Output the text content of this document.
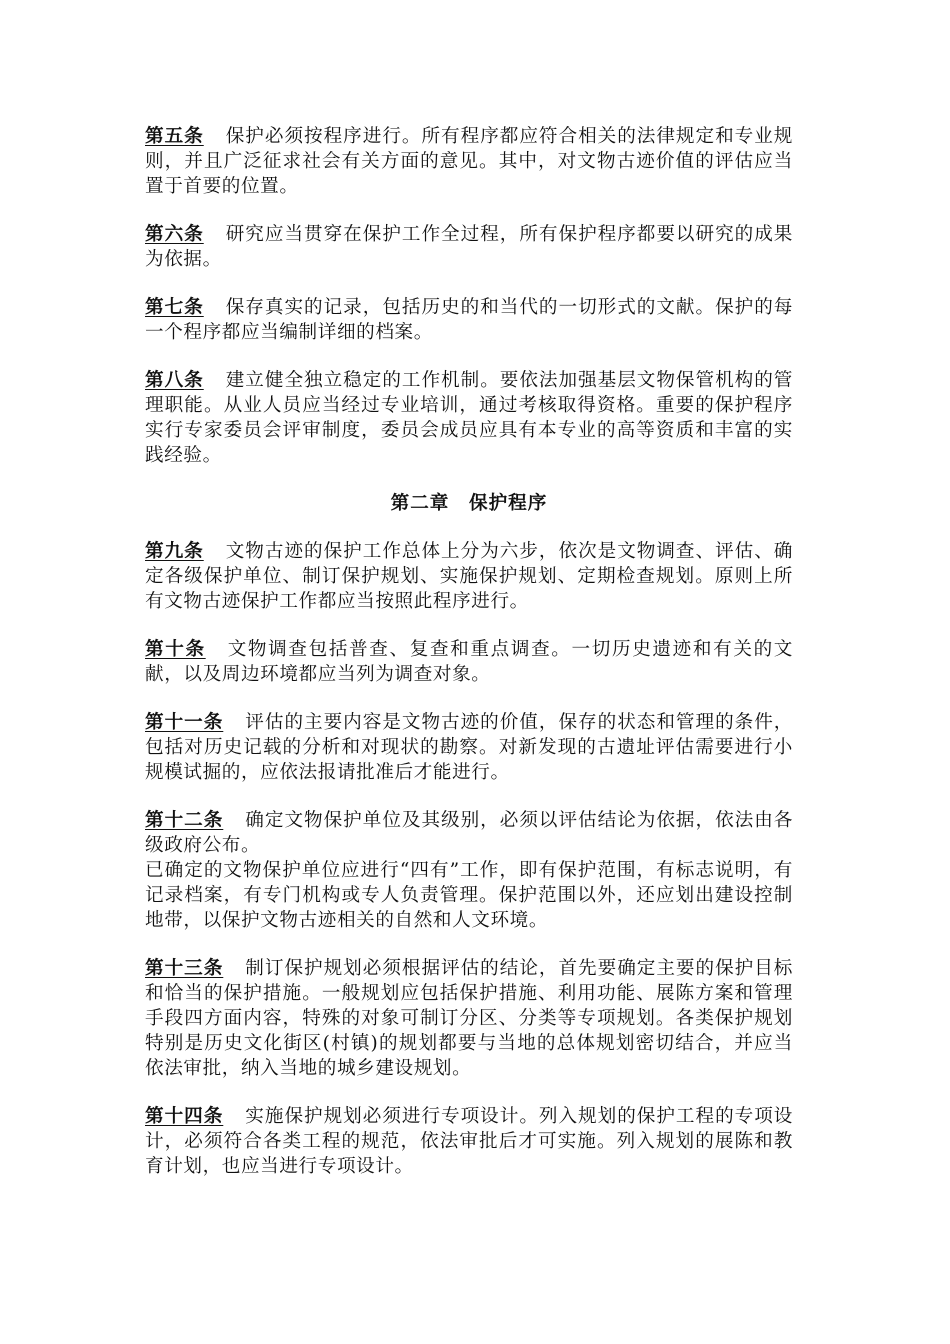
第五条 保护必须按程序进行。所有程序都应符合相关的法律规定和专业规则，并且广泛征求社会有关方面的意见。其中，对文物古迹价值的评估应当置于首要的位置。

第六条 研究应当贯穿在保护工作全过程，所有保护程序都要以研究的成果为依据。

第七条 保存真实的记录，包括历史的和当代的一切形式的文献。保护的每一个程序都应当编制详细的档案。

第八条 建立健全独立稳定的工作机制。要依法加强基层文物保管机构的管理职能。从业人员应当经过专业培训，通过考核取得资格。重要的保护程序实行专家委员会评审制度，委员会成员应具有本专业的高等资质和丰富的实践经验。

第二章　保护程序

第九条 文物古迹的保护工作总体上分为六步，依次是文物调查、评估、确定各级保护单位、制订保护规划、实施保护规划、定期检查规划。原则上所有文物古迹保护工作都应当按照此程序进行。

第十条 文物调查包括普查、复查和重点调查。一切历史遗迹和有关的文献，以及周边环境都应当列为调查对象。

第十一条 评估的主要内容是文物古迹的价值，保存的状态和管理的条件，包括对历史记载的分析和对现状的勘察。对新发现的古遗址评估需要进行小规模试掘的，应依法报请批准后才能进行。

第十二条 确定文物保护单位及其级别，必须以评估结论为依据，依法由各级政府公布。

已确定的文物保护单位应进行“四有”工作，即有保护范围，有标志说明，有记录档案，有专门机构或专人负责管理。保护范围以外，还应划出建设控制地带，以保护文物古迹相关的自然和人文环境。

第十三条 制订保护规划必须根据评估的结论，首先要确定主要的保护目标和恰当的保护措施。一般规划应包括保护措施、利用功能、展陈方案和管理手段四方面内容，特殊的对象可制订分区、分类等专项规划。各类保护规划特别是历史文化街区(村镇)的规划都要与当地的总体规划密切结合，并应当依法审批，纳入当地的城乡建设规划。

第十四条 实施保护规划必须进行专项设计。列入规划的保护工程的专项设计，必须符合各类工程的规范，依法审批后才可实施。列入规划的展陈和教育计划，也应当进行专项设计。
